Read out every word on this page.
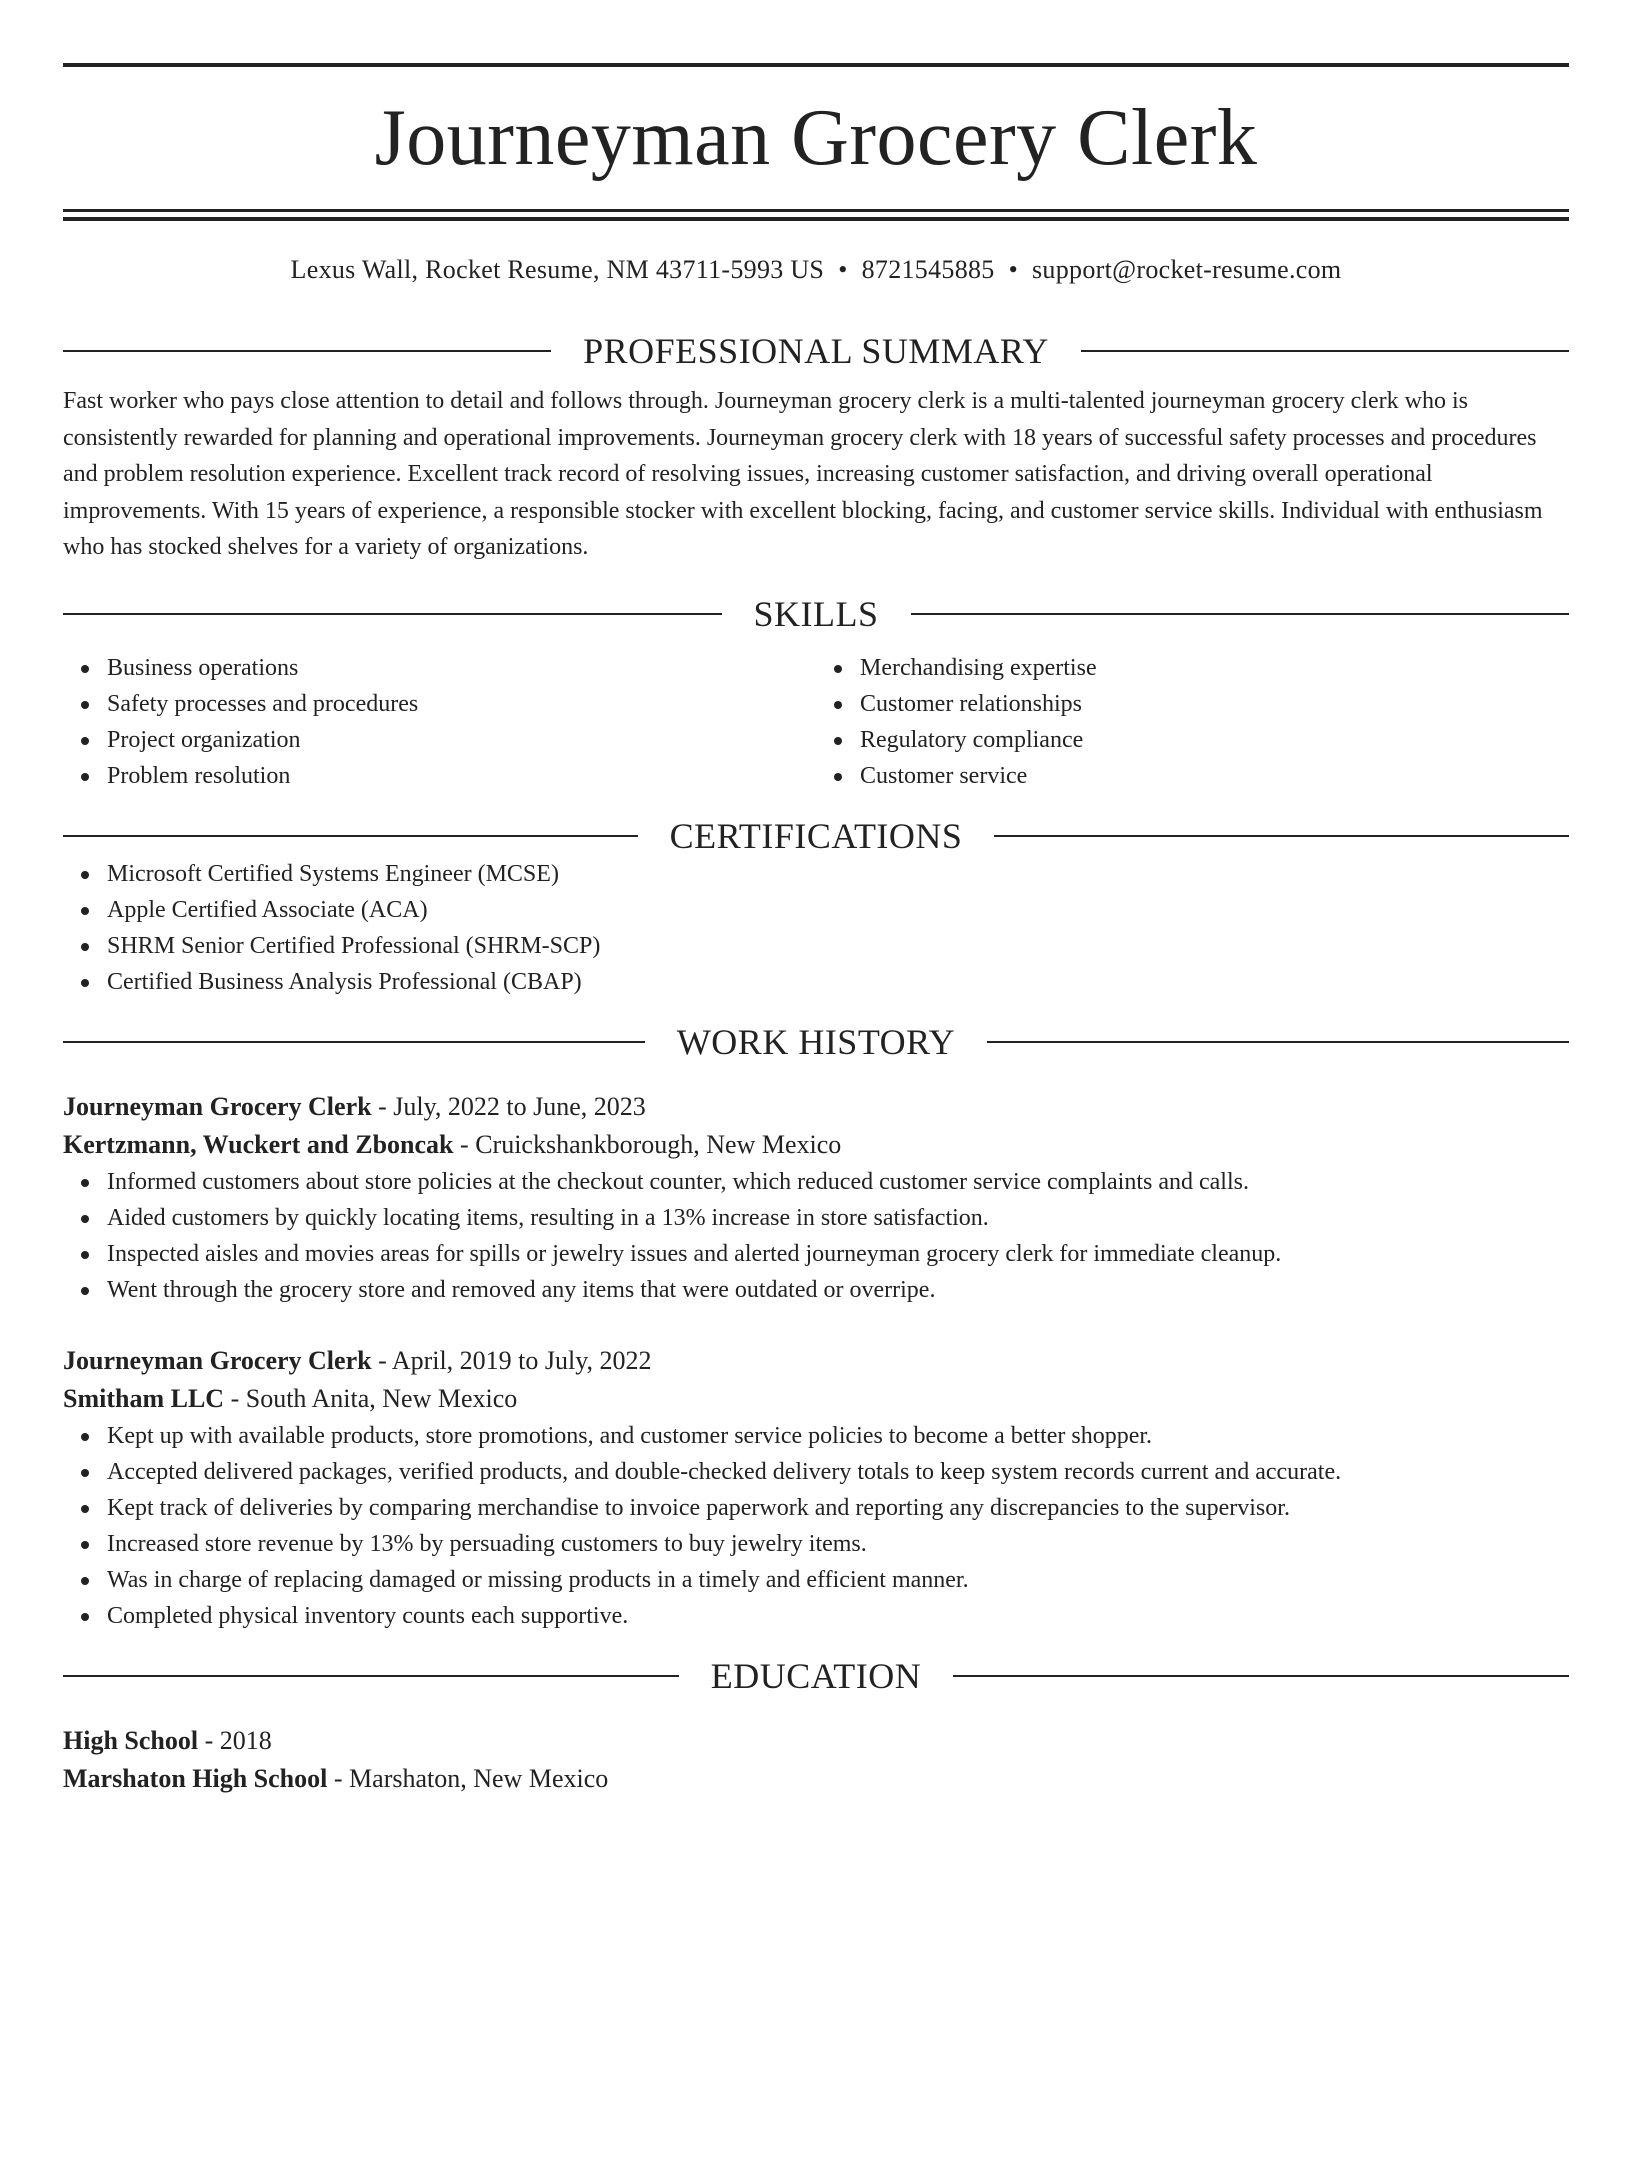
Journeyman Grocery Clerk
Lexus Wall, Rocket Resume, NM 43711-5993 US • 8721545885 • support@rocket-resume.com
PROFESSIONAL SUMMARY

Fast worker who pays close attention to detail and follows through. Journeyman grocery clerk is a multi-talented journeyman grocery clerk who is consistently rewarded for planning and operational improvements. Journeyman grocery clerk with 18 years of successful safety processes and procedures and problem resolution experience. Excellent track record of resolving issues, increasing customer satisfaction, and driving overall operational improvements. With 15 years of experience, a responsible stocker with excellent blocking, facing, and customer service skills. Individual with enthusiasm who has stocked shelves for a variety of organizations.

SKILLS
Business operations
Safety processes and procedures
Project organization
Problem resolution
Merchandising expertise
Customer relationships
Regulatory compliance
Customer service
CERTIFICATIONS
Microsoft Certified Systems Engineer (MCSE)
Apple Certified Associate (ACA)
SHRM Senior Certified Professional (SHRM-SCP)
Certified Business Analysis Professional (CBAP)
WORK HISTORY
Journeyman Grocery Clerk - July, 2022 to June, 2023
Kertzmann, Wuckert and Zboncak - Cruickshankborough, New Mexico
Informed customers about store policies at the checkout counter, which reduced customer service complaints and calls.
Aided customers by quickly locating items, resulting in a 13% increase in store satisfaction.
Inspected aisles and movies areas for spills or jewelry issues and alerted journeyman grocery clerk for immediate cleanup.
Went through the grocery store and removed any items that were outdated or overripe.
Journeyman Grocery Clerk - April, 2019 to July, 2022
Smitham LLC - South Anita, New Mexico
Kept up with available products, store promotions, and customer service policies to become a better shopper.
Accepted delivered packages, verified products, and double-checked delivery totals to keep system records current and accurate.
Kept track of deliveries by comparing merchandise to invoice paperwork and reporting any discrepancies to the supervisor.
Increased store revenue by 13% by persuading customers to buy jewelry items.
Was in charge of replacing damaged or missing products in a timely and efficient manner.
Completed physical inventory counts each supportive.
EDUCATION
High School - 2018
Marshaton High School - Marshaton, New Mexico
